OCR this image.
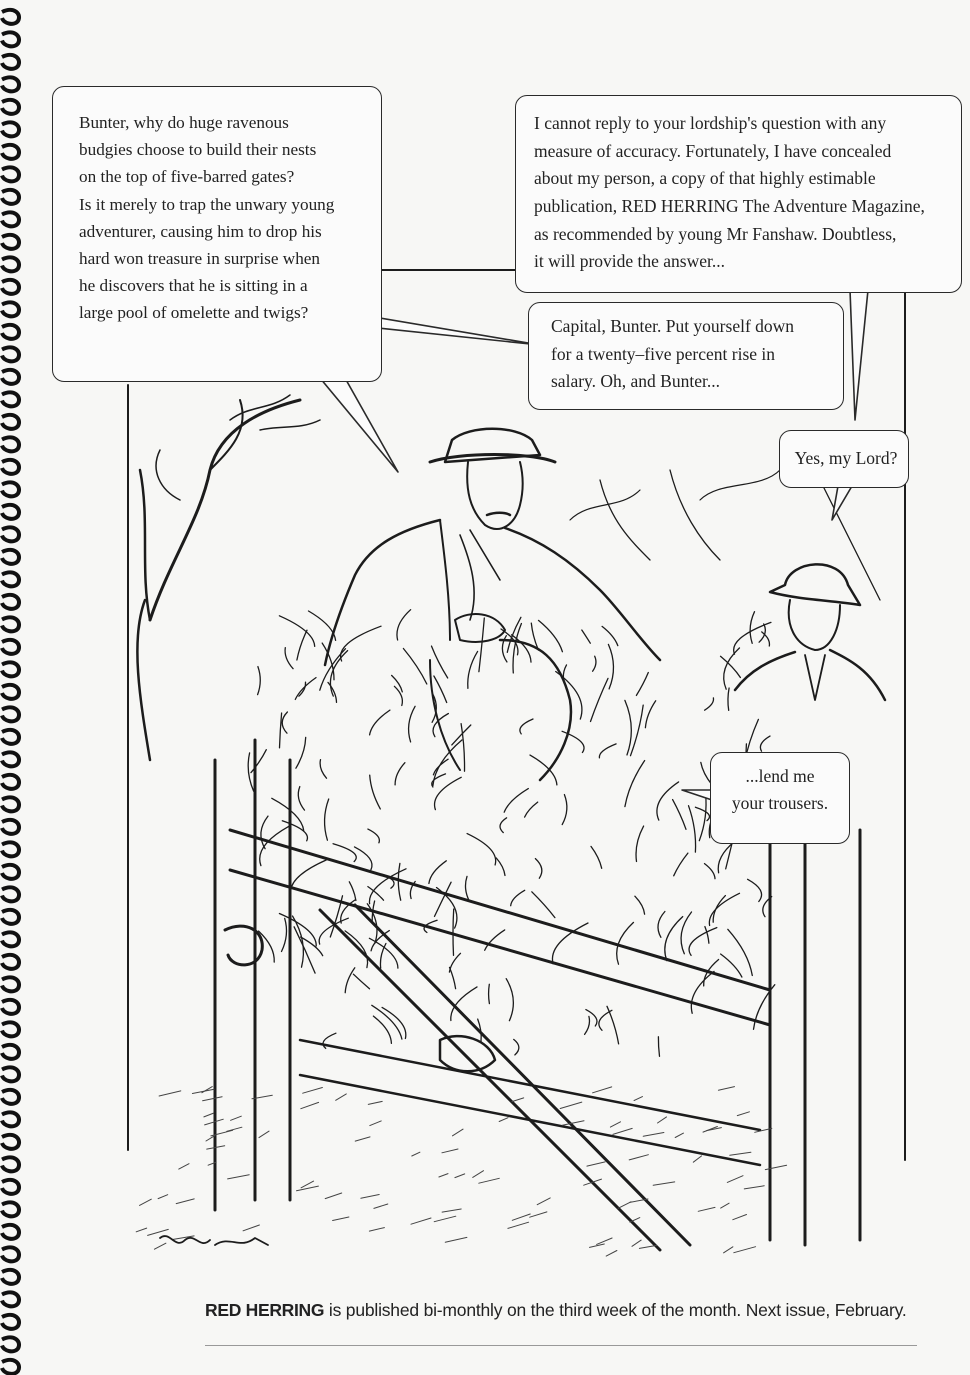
Bunter, why do huge ravenous
budgies choose to build their nests
on the top of five-barred gates?
Is it merely to trap the unwary young
adventurer, causing him to drop his
hard won treasure in surprise when
he discovers that he is sitting in a
large pool of omelette and twigs?
I cannot reply to your lordship's question with any
measure of accuracy. Fortunately, I have concealed
about my person, a copy of that highly estimable
publication, RED HERRING The Adventure Magazine,
as recommended by young Mr Fanshaw. Doubtless,
it will provide the answer...
Capital, Bunter. Put yourself down
for a twenty–five percent rise in
salary. Oh, and Bunter...
Yes, my Lord?
...lend me
your trousers.
RED HERRING is published bi-monthly on the third week of the month. Next issue, February.
